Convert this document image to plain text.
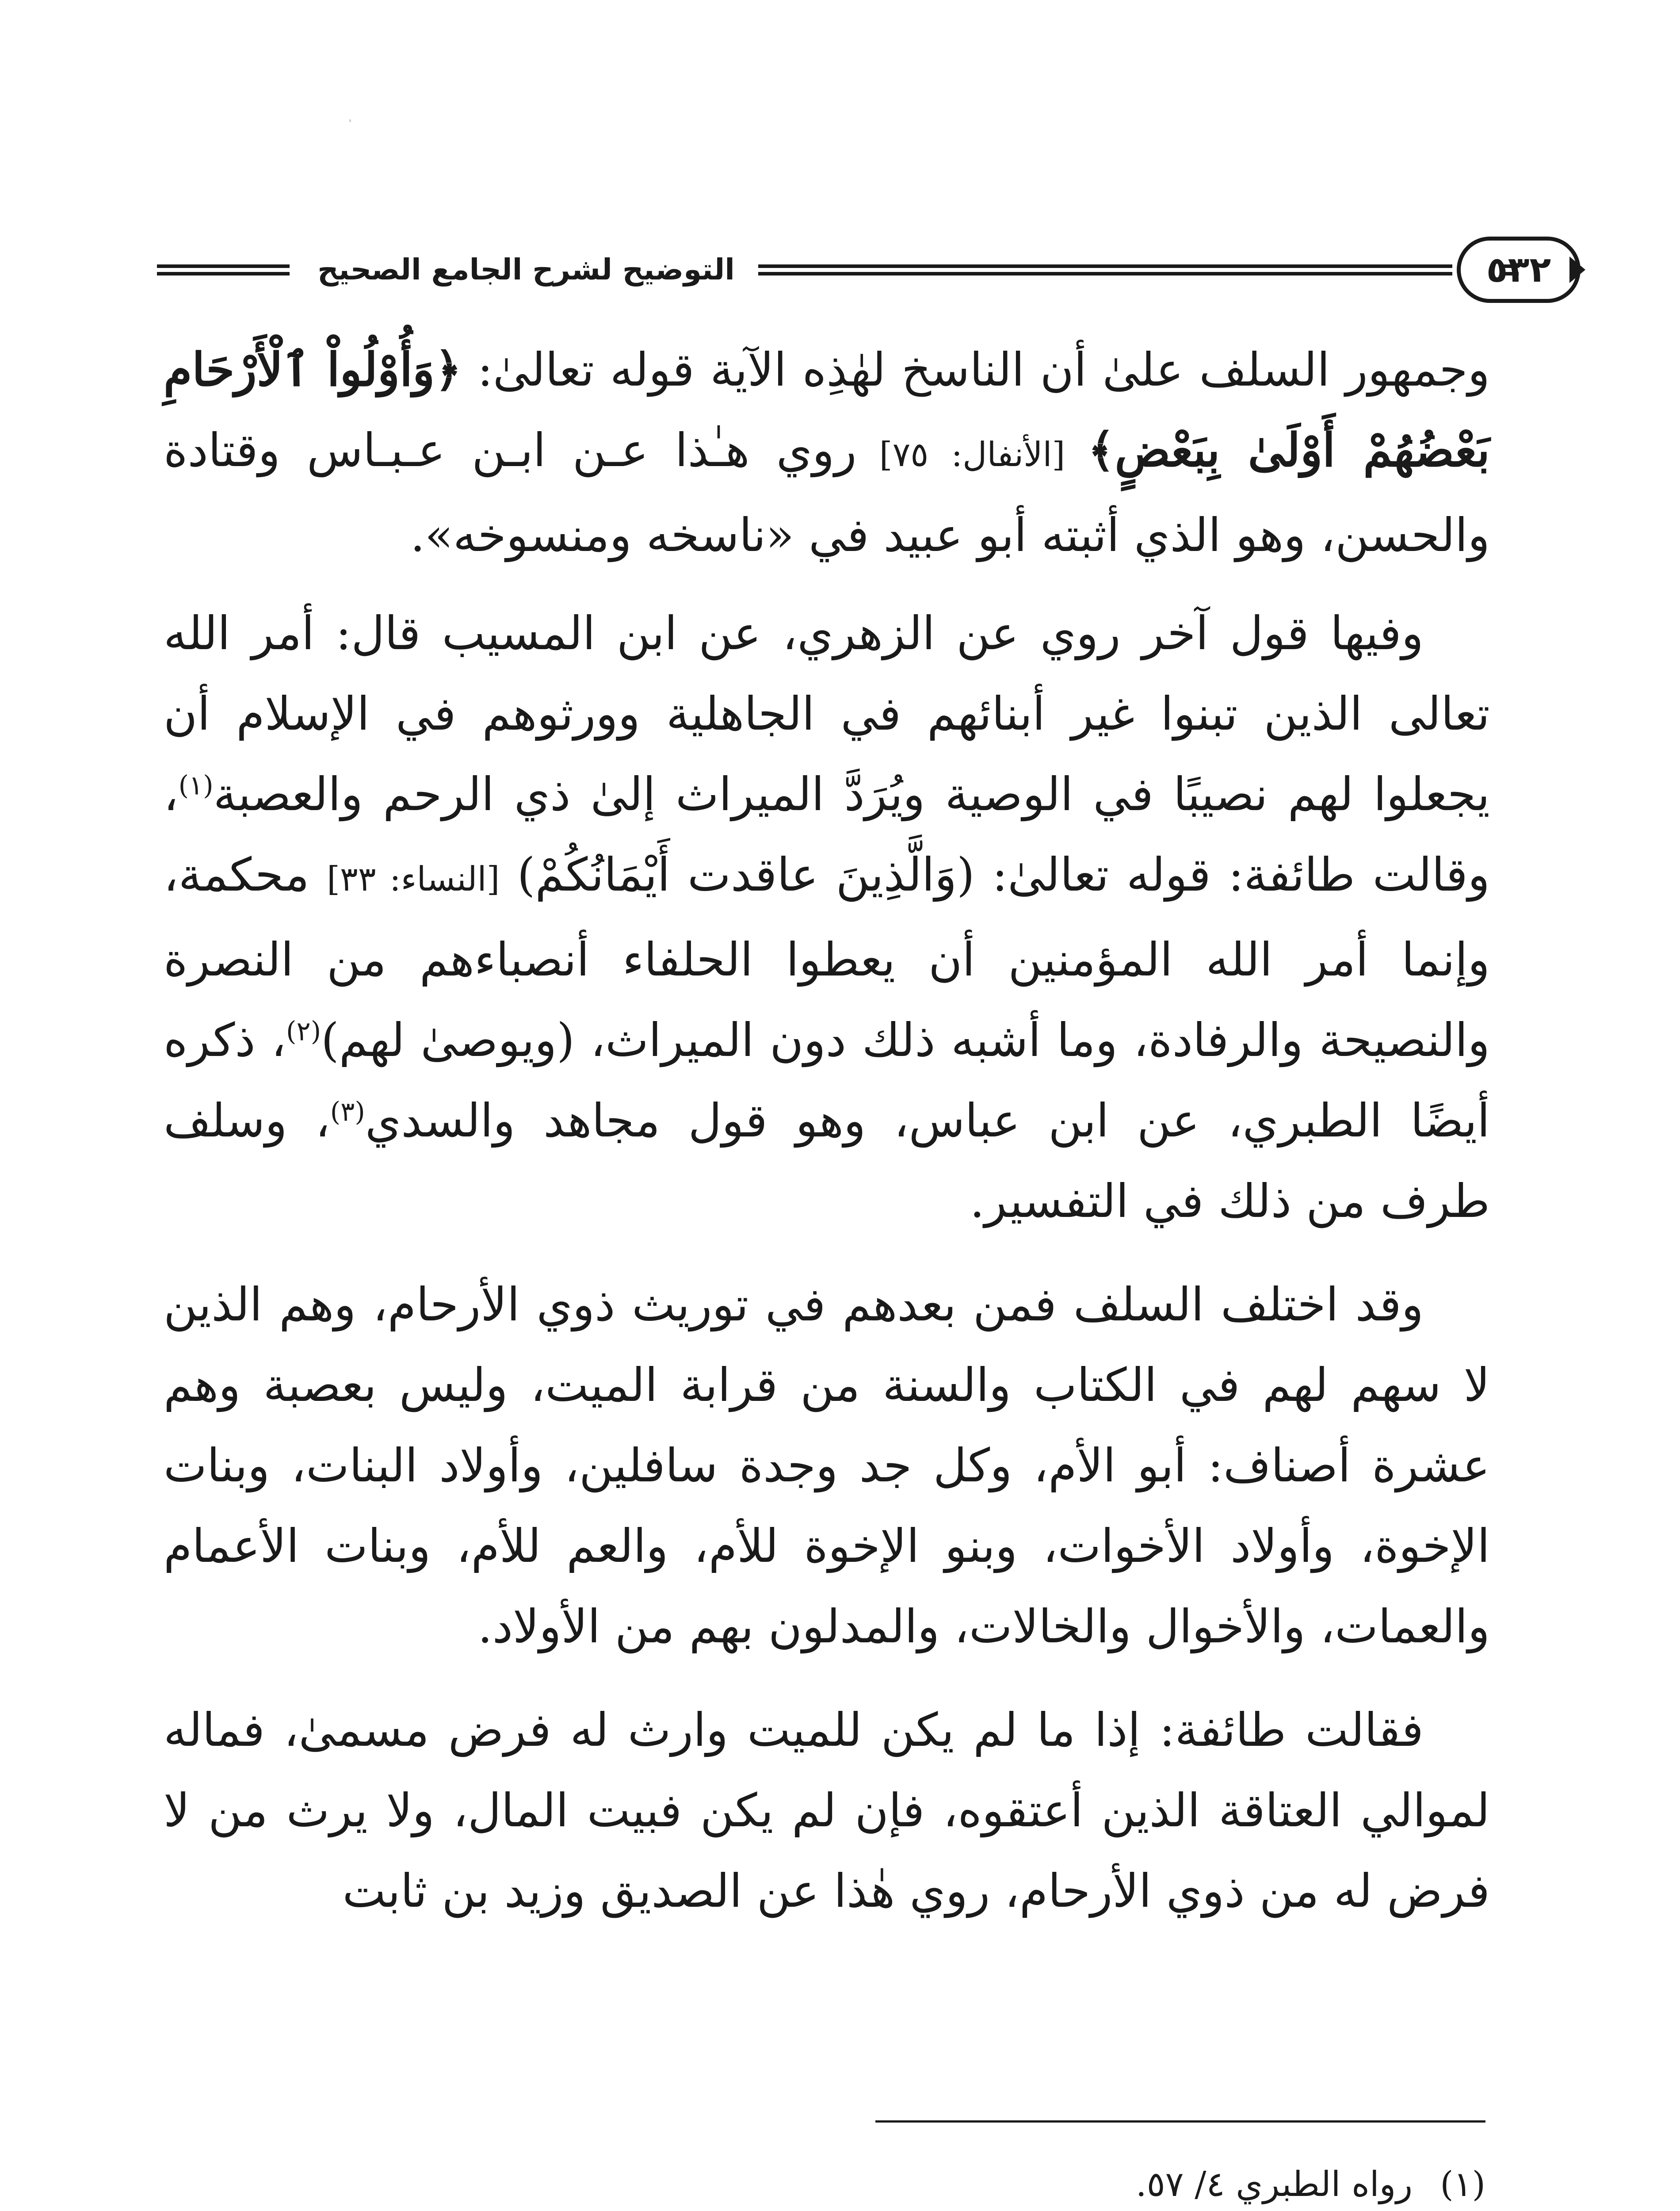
التوضيح لشرح الجامع الصحيح	٥٣٢

وجمهور السلف علىٰ أن الناسخ لهٰذِه الآية قوله تعالىٰ: ﴿وَأُوْلُواْ ٱلْأَرْحَامِ بَعْضُهُمْ أَوْلَىٰ بِبَعْضٍ﴾ [الأنفال: ٧٥] روي هـٰذا عـن ابـن عـبـاس وقتادة والحسن، وهو الذي أثبته أبو عبيد في «ناسخه ومنسوخه».

وفيها قول آخر روي عن الزهري، عن ابن المسيب قال: أمر الله تعالى الذين تبنوا غير أبنائهم في الجاهلية وورثوهم في الإسلام أن يجعلوا لهم نصيبًا في الوصية ويُرَدَّ الميراث إلىٰ ذي الرحم والعصبة$^{(١)}$، وقالت طائفة: قوله تعالىٰ: (وَالَّذِينَ عاقدت أَيْمَانُكُمْ) [النساء: ٣٣] محكمة، وإنما أمر الله المؤمنين أن يعطوا الحلفاء أنصباءهم من النصرة والنصيحة والرفادة، وما أشبه ذلك دون الميراث، (ويوصىٰ لهم)$^{(٢)}$، ذكره أيضًا الطبري، عن ابن عباس، وهو قول مجاهد والسدي$^{(٣)}$، وسلف طرف من ذلك في التفسير.

وقد اختلف السلف فمن بعدهم في توريث ذوي الأرحام، وهم الذين لا سهم لهم في الكتاب والسنة من قرابة الميت، وليس بعصبة وهم عشرة أصناف: أبو الأم، وكل جد وجدة سافلين، وأولاد البنات، وبنات الإخوة، وأولاد الأخوات، وبنو الإخوة للأم، والعم للأم، وبنات الأعمام والعمات، والأخوال والخالات، والمدلون بهم من الأولاد.

فقالت طائفة: إذا ما لم يكن للميت وارث له فرض مسمىٰ، فماله لموالي العتاقة الذين أعتقوه، فإن لم يكن فبيت المال، ولا يرث من لا فرض له من ذوي الأرحام، روي هٰذا عن الصديق وزيد بن ثابت

(١)
رواه الطبري ٤/ ٥٧.
